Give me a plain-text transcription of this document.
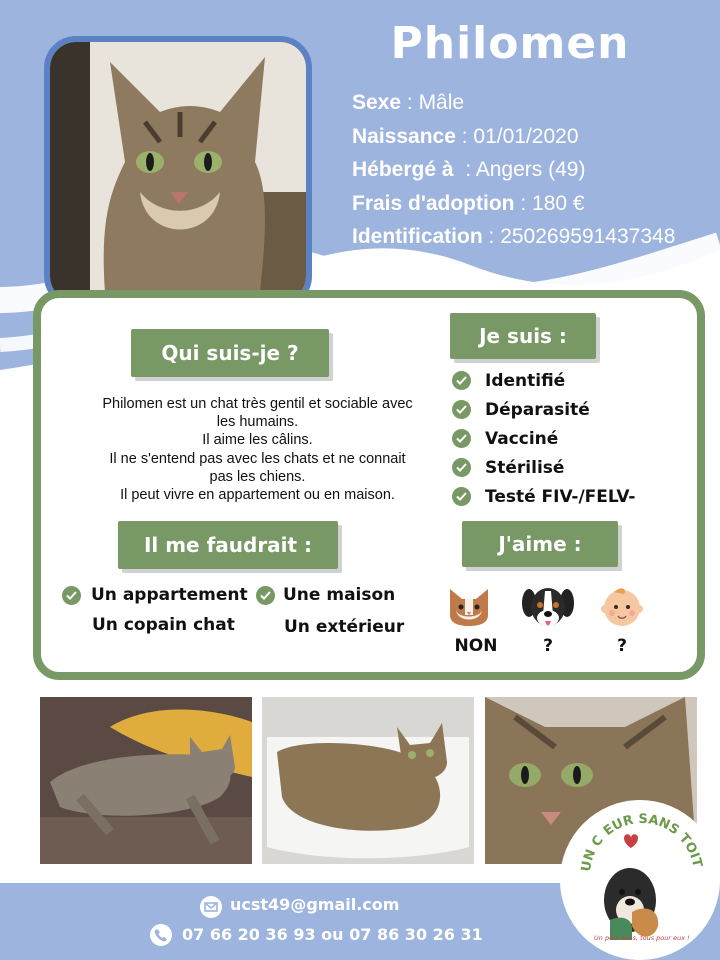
Philomen
Sexe : Mâle
Naissance : 01/01/2020
Hébergé à  : Angers (49)
Frais d'adoption : 180 €
Identification : 250269591437348
Qui suis-je ?
Philomen est un chat très gentil et sociable avec
les humains.
Il aime les câlins.
Il ne s'entend pas avec les chats et ne connait
pas les chiens.
Il peut vivre en appartement ou en maison.
Je suis :
Identifié
Déparasité
Vacciné
Stérilisé
Testé FIV-/FELV-
Il me faudrait :
Un appartement Une maison
Un copain chat	Un extérieur
J'aime :
NON	?	?
ucst49@gmail.com
07 66 20 36 93 ou 07 86 30 26 31
UN C
EUR SANS TOIT
Un pour tous, tous pour eux !
